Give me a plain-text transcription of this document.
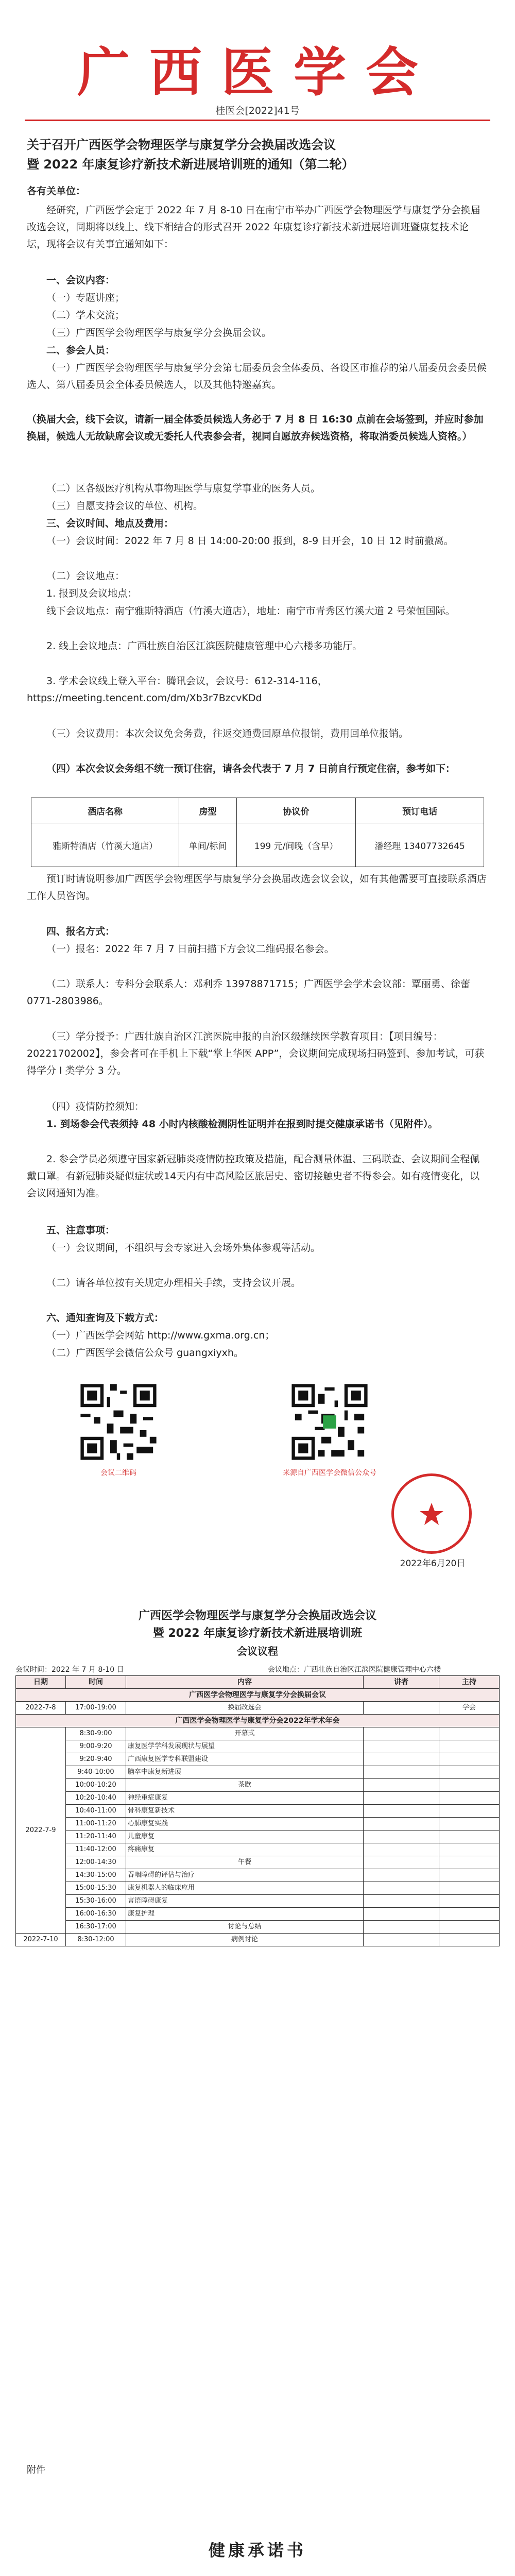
广西医学会
桂医会[2022]41号
关于召开广西医学会物理医学与康复学分会换届改选会议
暨 2022 年康复诊疗新技术新进展培训班的通知（第二轮）
各有关单位：
经研究，广西医学会定于 2022 年 7 月 8-10 日在南宁市举办广西医学会物理医学与康复学分会换届改选会议，同期将以线上、线下相结合的形式召开 2022 年康复诊疗新技术新进展培训班暨康复技术论坛，现将会议有关事宜通知如下：
一、会议内容：
（一）专题讲座；
（二）学术交流；
（三）广西医学会物理医学与康复学分会换届会议。
二、参会人员：
（一）广西医学会物理医学与康复学分会第七届委员会全体委员、各设区市推荐的第八届委员会委员候选人、第八届委员会全体委员候选人，以及其他特邀嘉宾。
（换届大会，线下会议，请新一届全体委员候选人务必于 7 月 8 日 16:30 点前在会场签到，并应时参加换届，候选人无故缺席会议或无委托人代表参会者，视同自愿放弃候选资格，将取消委员候选人资格。）
（二）区各级医疗机构从事物理医学与康复学事业的医务人员。
（三）自愿支持会议的单位、机构。
三、会议时间、地点及费用：
（一）会议时间：2022 年 7 月 8 日 14:00-20:00 报到，8-9 日开会，10 日 12 时前撤离。
（二）会议地点：
1. 报到及会议地点：
线下会议地点：南宁雅斯特酒店（竹溪大道店），地址：南宁市青秀区竹溪大道 2 号荣恒国际。
2. 线上会议地点：广西壮族自治区江滨医院健康管理中心六楼多功能厅。
3. 学术会议线上登入平台：腾讯会议，会议号：612-314-116，https://meeting.tencent.com/dm/Xb3r7BzcvKDd
（三）会议费用：本次会议免会务费，往返交通费回原单位报销，费用回单位报销。
（四）本次会议会务组不统一预订住宿，请各会代表于 7 月 7 日前自行预定住宿，参考如下：
酒店名称	房型	协议价	预订电话
雅斯特酒店（竹溪大道店）	单间/标间	199 元/间晚（含早）	潘经理 13407732645
预订时请说明参加广西医学会物理医学与康复学分会换届改选会议会议，如有其他需要可直接联系酒店工作人员咨询。
四、报名方式：
（一）报名：2022 年 7 月 7 日前扫描下方会议二维码报名参会。
（二）联系人：专科分会联系人：邓利乔 13978871715；广西医学会学术会议部：覃丽勇、徐蕾 0771-2803986。
（三）学分授予：广西壮族自治区江滨医院申报的自治区级继续医学教育项目：【项目编号：20221702002】，参会者可在手机上下载“掌上华医 APP”，会议期间完成现场扫码签到、参加考试，可获得学分 I 类学分 3 分。
（四）疫情防控须知：
1. 到场参会代表须持 48 小时内核酸检测阴性证明并在报到时提交健康承诺书（见附件）。
2. 参会学员必须遵守国家新冠肺炎疫情防控政策及措施，配合测量体温、三码联查、会议期间全程佩戴口罩。有新冠肺炎疑似症状或14天内有中高风险区旅居史、密切接触史者不得参会。如有疫情变化，以会议网通知为准。
五、注意事项：
（一）会议期间，不组织与会专家进入会场外集体参观等活动。
（二）请各单位按有关规定办理相关手续，支持会议开展。
六、通知查询及下载方式：
（一）广西医学会网站 http://www.gxma.org.cn；
（二）广西医学会微信公众号 guangxiyxh。
会议二维码	来源自广西医学会微信公众号
2022年6月20日
广西医学会物理医学与康复学分会换届改选会议
暨 2022 年康复诊疗新技术新进展培训班
会议议程
会议时间：2022 年 7 月 8-10 日	会议地点：广西壮族自治区江滨医院健康管理中心六楼
日期	时间	内容	讲者	主持
广西医学会物理医学与康复学分会换届会议				
2022-7-8	17:00-19:00	换届改选会		学会
广西医学会物理医学与康复学分会2022年学术年会				
2022-7-9	8:30-9:00	开幕式		
	9:00-9:20	康复医学学科发展现状与展望		
	9:20-9:40	广西康复医学专科联盟建设		
	9:40-10:00	脑卒中康复新进展		
	10:00-10:20	茶歇		
	10:20-10:40	神经重症康复		
	10:40-11:00	骨科康复新技术		
	11:00-11:20	心肺康复实践		
	11:20-11:40	儿童康复		
	11:40-12:00	疼痛康复		
	12:00-14:30	午餐		
	14:30-15:00	吞咽障碍的评估与治疗		
	15:00-15:30	康复机器人的临床应用		
	15:30-16:00	言语障碍康复		
	16:00-16:30	康复护理		
	16:30-17:00	讨论与总结		
2022-7-10	8:30-12:00	病例讨论		
附件
健康承诺书
